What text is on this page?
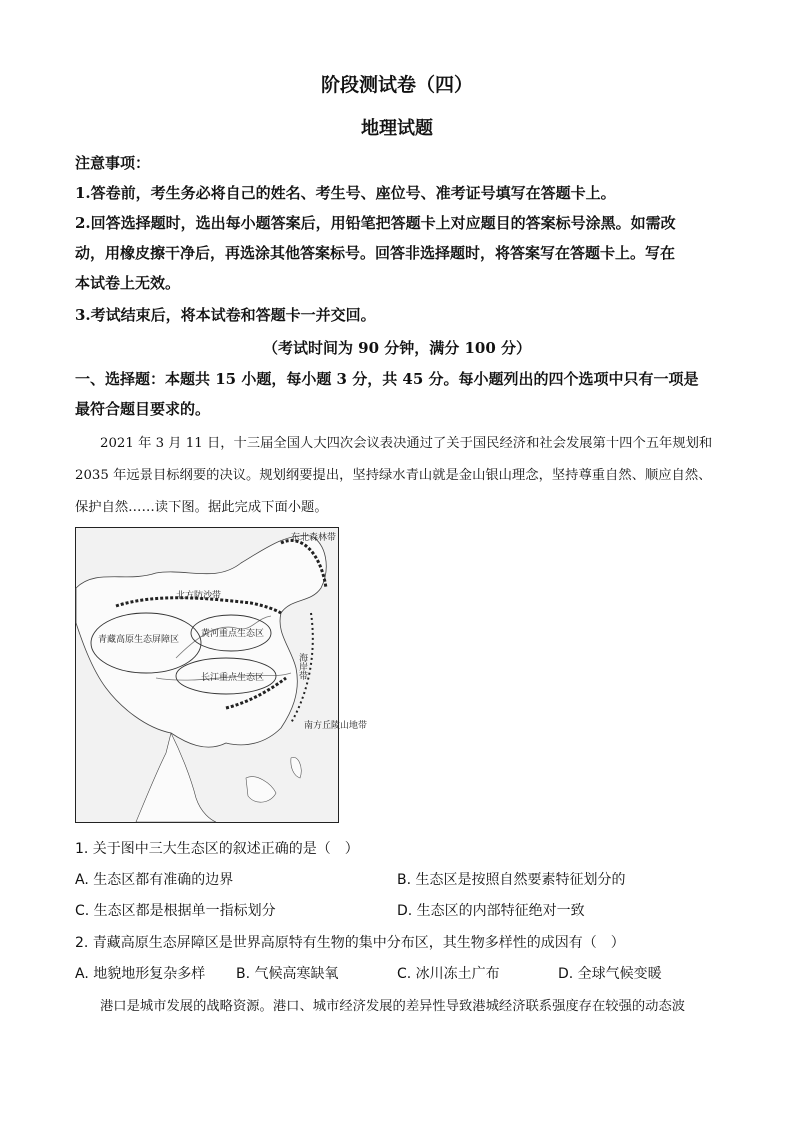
阶段测试卷（四）
地理试题
注意事项：
1.答卷前，考生务必将自己的姓名、考生号、座位号、准考证号填写在答题卡上。
2.回答选择题时，选出每小题答案后，用铅笔把答题卡上对应题目的答案标号涂黑。如需改
动，用橡皮擦干净后，再选涂其他答案标号。回答非选择题时，将答案写在答题卡上。写在
本试卷上无效。
3.考试结束后，将本试卷和答题卡一并交回。
（考试时间为 90 分钟，满分 100 分）
一、选择题：本题共 15 小题，每小题 3 分，共 45 分。每小题列出的四个选项中只有一项是
最符合题目要求的。
2021 年 3 月 11 日，十三届全国人大四次会议表决通过了关于国民经济和社会发展第十四个五年规划和
2035 年远景目标纲要的决议。规划纲要提出，坚持绿水青山就是金山银山理念，坚持尊重自然、顺应自然、
保护自然……读下图。据此完成下面小题。
东北森林带
北方防沙带
青藏高原生态屏障区
黄河重点生态区
长江重点生态区
南方丘陵山地带
海岸带
1. 关于图中三大生态区的叙述正确的是（　）
A. 生态区都有准确的边界	B. 生态区是按照自然要素特征划分的
C. 生态区都是根据单一指标划分	D. 生态区的内部特征绝对一致
2. 青藏高原生态屏障区是世界高原特有生物的集中分布区，其生物多样性的成因有（　）
A. 地貌地形复杂多样 B. 气候高寒缺氧	C. 冰川冻土广布	D. 全球气候变暖
港口是城市发展的战略资源。港口、城市经济发展的差异性导致港城经济联系强度存在较强的动态波
